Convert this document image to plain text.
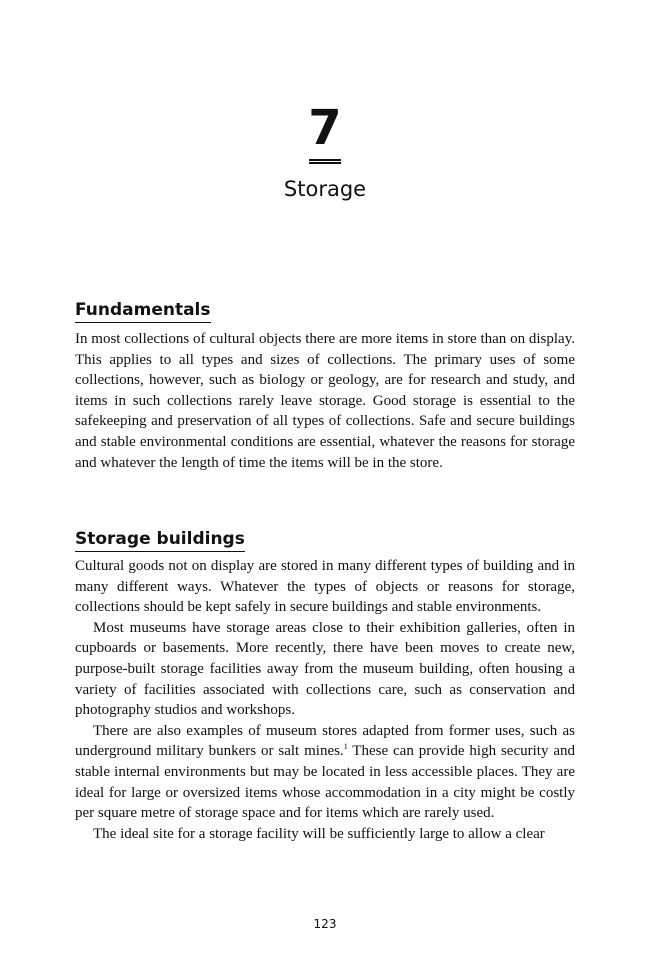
7
Storage
Fundamentals

In most collections of cultural objects there are more items in store than on display. This applies to all types and sizes of collections. The primary uses of some collections, however, such as biology or geology, are for research and study, and items in such collections rarely leave storage. Good storage is essential to the safekeeping and preservation of all types of collections. Safe and secure buildings and stable environmental conditions are essential, whatever the reasons for storage and whatever the length of time the items will be in the store.

Storage buildings

Cultural goods not on display are stored in many different types of building and in many different ways. Whatever the types of objects or reasons for storage, collections should be kept safely in secure buildings and stable environments.

Most museums have storage areas close to their exhibition galleries, often in cupboards or basements. More recently, there have been moves to create new, purpose-built storage facilities away from the museum building, often housing a variety of facilities associated with collections care, such as conservation and photography studios and workshops.

There are also examples of museum stores adapted from former uses, such as underground military bunkers or salt mines.$^1$ These can provide high security and stable internal environments but may be located in less accessible places. They are ideal for large or oversized items whose accommodation in a city might be costly per square metre of storage space and for items which are rarely used.

The ideal site for a storage facility will be sufficiently large to allow a clear

123
